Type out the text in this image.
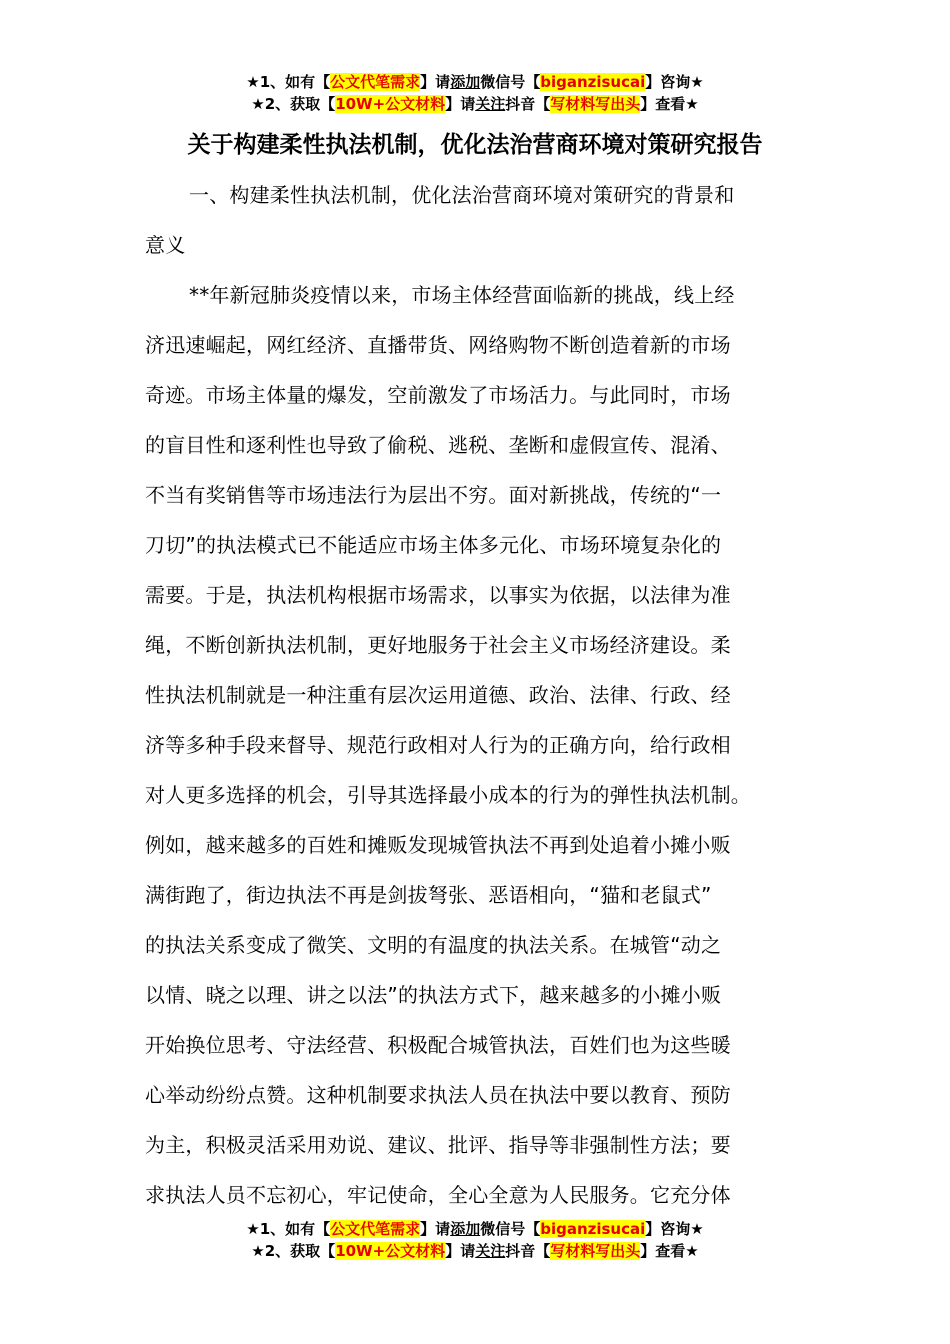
★1、如有【公文代笔需求】请添加微信号【biganzisucai】咨询★
★2、获取【10W+公文材料】请关注抖音【写材料写出头】查看★
关于构建柔性执法机制，优化法治营商环境对策研究报告
一、构建柔性执法机制，优化法治营商环境对策研究的背景和
意义
**年新冠肺炎疫情以来，市场主体经营面临新的挑战，线上经
济迅速崛起，网红经济、直播带货、网络购物不断创造着新的市场
奇迹。市场主体量的爆发，空前激发了市场活力。与此同时，市场
的盲目性和逐利性也导致了偷税、逃税、垄断和虚假宣传、混淆、
不当有奖销售等市场违法行为层出不穷。面对新挑战，传统的“一
刀切”的执法模式已不能适应市场主体多元化、市场环境复杂化的
需要。于是，执法机构根据市场需求，以事实为依据，以法律为准
绳，不断创新执法机制，更好地服务于社会主义市场经济建设。柔
性执法机制就是一种注重有层次运用道德、政治、法律、行政、经
济等多种手段来督导、规范行政相对人行为的正确方向，给行政相
对人更多选择的机会，引导其选择最小成本的行为的弹性执法机制。
例如，越来越多的百姓和摊贩发现城管执法不再到处追着小摊小贩
满街跑了，街边执法不再是剑拔弩张、恶语相向，“猫和老鼠式”
的执法关系变成了微笑、文明的有温度的执法关系。在城管“动之
以情、晓之以理、讲之以法”的执法方式下，越来越多的小摊小贩
开始换位思考、守法经营、积极配合城管执法，百姓们也为这些暖
心举动纷纷点赞。这种机制要求执法人员在执法中要以教育、预防
为主，积极灵活采用劝说、建议、批评、指导等非强制性方法；要
求执法人员不忘初心，牢记使命，全心全意为人民服务。它充分体
★1、如有【公文代笔需求】请添加微信号【biganzisucai】咨询★
★2、获取【10W+公文材料】请关注抖音【写材料写出头】查看★
